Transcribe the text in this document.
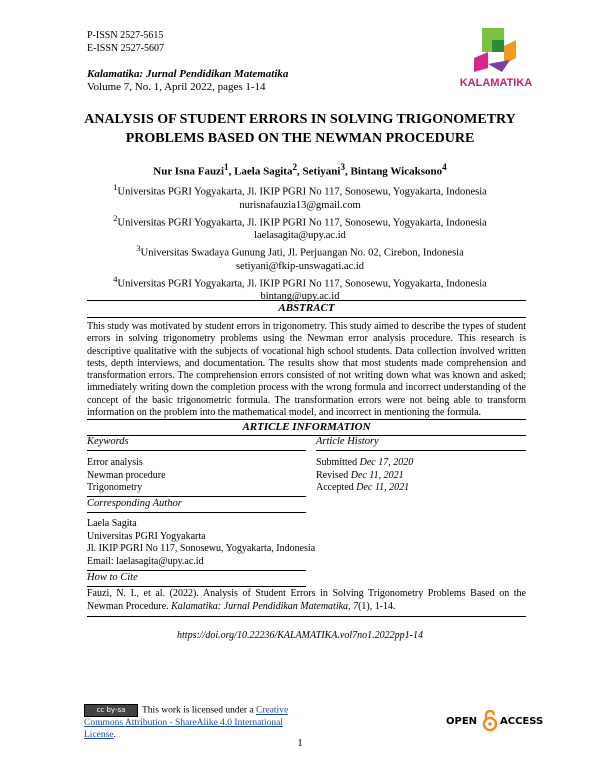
P-ISSN 2527-5615
E-ISSN 2527-5607
Kalamatika: Jurnal Pendidikan Matematika
Volume 7, No. 1, April 2022, pages 1-14	KALAMATIKA
ANALYSIS OF STUDENT ERRORS IN SOLVING TRIGONOMETRY
PROBLEMS BASED ON THE NEWMAN PROCEDURE
Nur Isna Fauzi$^1$, Laela Sagita$^2$, Setiyani$^3$, Bintang Wicaksono$^4$

$^1$Universitas PGRI Yogyakarta, Jl. IKIP PGRI No 117, Sonosewu, Yogyakarta, Indonesia

nurisnafauzia13@gmail.com

$^2$Universitas PGRI Yogyakarta, Jl. IKIP PGRI No 117, Sonosewu, Yogyakarta, Indonesia

laelasagita@upy.ac.id

$^3$Universitas Swadaya Gunung Jati, Jl. Perjuangan No. 02, Cirebon, Indonesia

setiyani@fkip-unswagati.ac.id

$^4$Universitas PGRI Yogyakarta, Jl. IKIP PGRI No 117, Sonosewu, Yogyakarta, Indonesia

bintang@upy.ac.id

ABSTRACT
This study was motivated by student errors in trigonometry. This study aimed to describe the types of student errors in solving trigonometry problems using the Newman error analysis procedure. This research is descriptive qualitative with the subjects of vocational high school students. Data collection involved written tests, depth interviews, and documentation. The results show that most students made comprehension and transformation errors. The comprehension errors consisted of not writing down what was known and asked; immediately writing down the completion process with the wrong formula and incorrect understanding of the concept of the basic trigonometric formula. The transformation errors were not being able to transform information on the problem into the mathematical model, and incorrect in mentioning the formula.
ARTICLE INFORMATION
Keywords	Article History

Error analysis

Newman procedure

Trigonometry

Submitted Dec 17, 2020

Revised Dec 11, 2021

Accepted Dec 11, 2021

Corresponding Author

Laela Sagita

Universitas PGRI Yogyakarta

Jl. IKIP PGRI No 117, Sonosewu, Yogyakarta, Indonesia

Email: laelasagita@upy.ac.id

How to Cite
Fauzi, N. I., et al. (2022). Analysis of Student Errors in Solving Trigonometry Problems Based on the Newman Procedure. Kalamatika: Jurnal Pendidikan Matematika, 7(1), 1-14.
https://doi.org/10.22236/KALAMATIKA.vol7no1.2022pp1-14
cc by-sa This work is licensed under a Creative Commons Attribution - ShareAlike 4.0 International License.
OPEN ACCESS
1
